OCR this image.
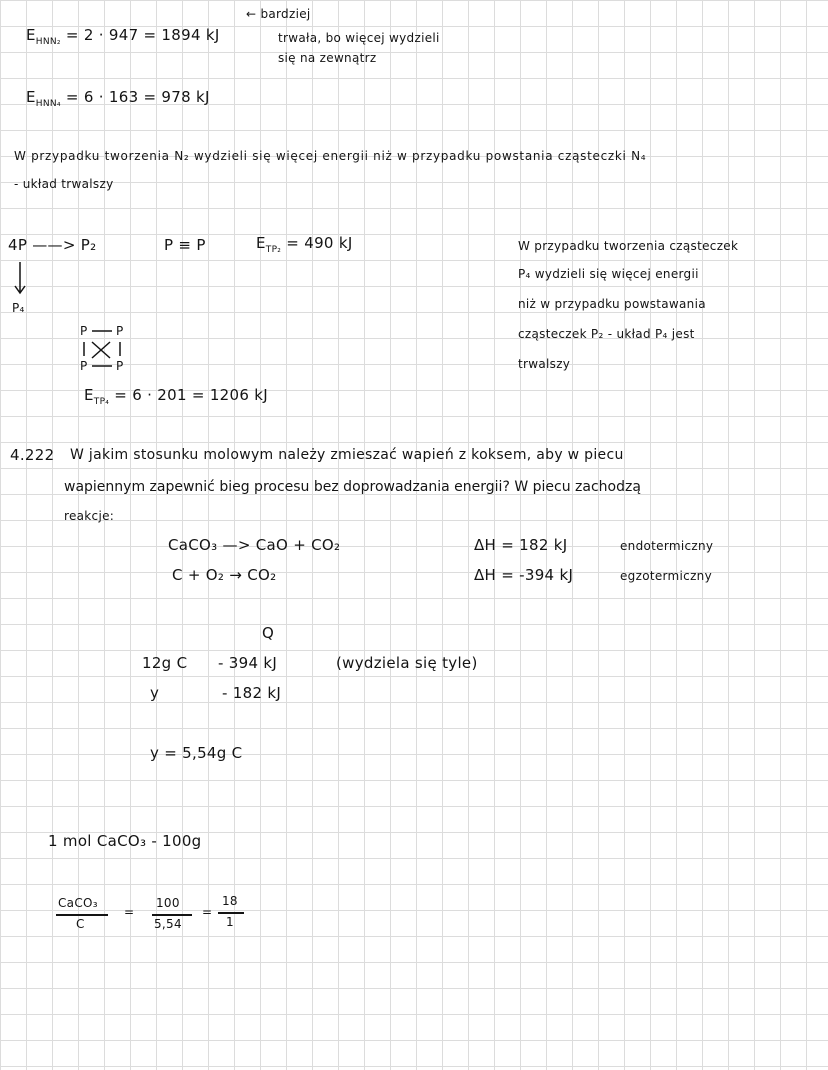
$E_{HNN_2} = 2 \cdot 947 = 1894$ kJ
← bardziej
trwała, bo więcej wydzieli
się na zewnątrz
$E_{HNN_4} = 6 \cdot 163 = 978$ kJ
W przypadku tworzenia N₂ wydzieli się więcej energii niż w przypadku powstania cząsteczki N₄
- układ trwalszy
4P ——> P₂	P ≡ P	$E_{TP_2} = 490$ kJ
P₄
P P
P P
$E_{TP_4} = 6 \cdot 201 = 1206$ kJ
W przypadku tworzenia cząsteczek
P₄ wydzieli się więcej energii
niż w przypadku powstawania
cząsteczek P₂ - układ P₄ jest
trwalszy
4.222 W jakim stosunku molowym należy zmieszać wapień z koksem, aby w piecu
wapiennym zapewnić bieg procesu bez doprowadzania energii? W piecu zachodzą
reakcje:
CaCO₃ —> CaO + CO₂	ΔH = 182 kJ	endotermiczny
C + O₂ → CO₂	ΔH = -394 kJ	egzotermiczny
Q
12g C - 394 kJ	(wydziela się tyle)
y	- 182 kJ
y = 5,54g C
1 mol CaCO₃ - 100g
CaCO₃
C
=
100
5,54
=
18
1
